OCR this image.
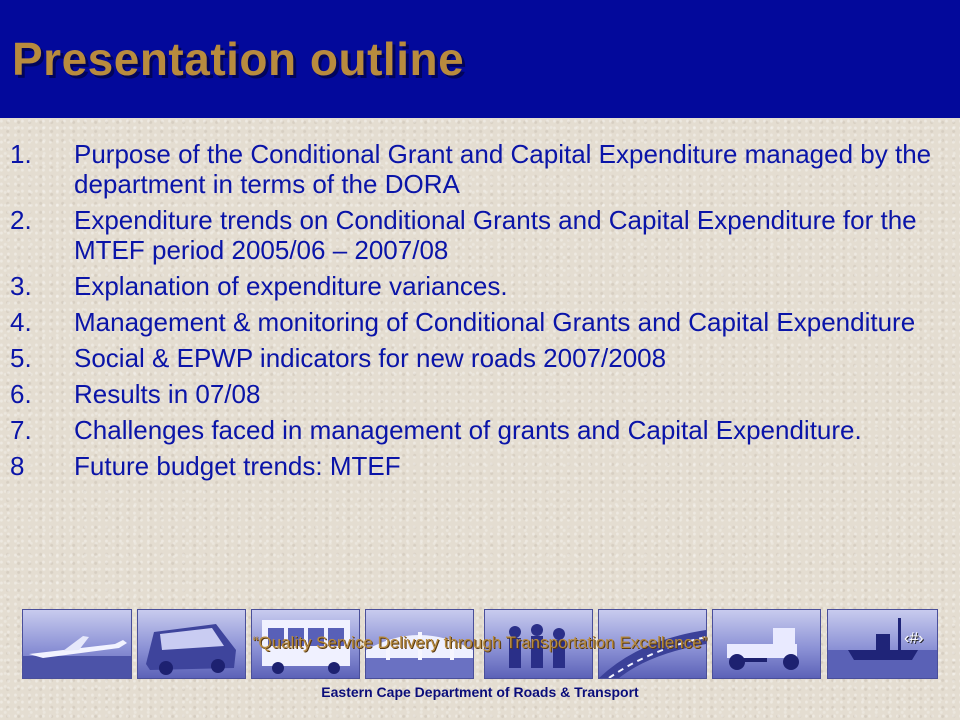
Presentation outline
1. Purpose of the Conditional Grant and Capital Expenditure managed by the department in terms of the DORA
2. Expenditure trends on Conditional Grants and Capital Expenditure for the MTEF period 2005/06 – 2007/08
3. Explanation of expenditure variances.
4. Management & monitoring of Conditional Grants and Capital Expenditure
5. Social & EPWP indicators for new roads 2007/2008
6. Results in 07/08
7. Challenges faced in management of grants and Capital Expenditure.
8 Future budget trends: MTEF
“Quality Service Delivery through Transportation Excellence”	‹#›
Eastern Cape Department of Roads & Transport
